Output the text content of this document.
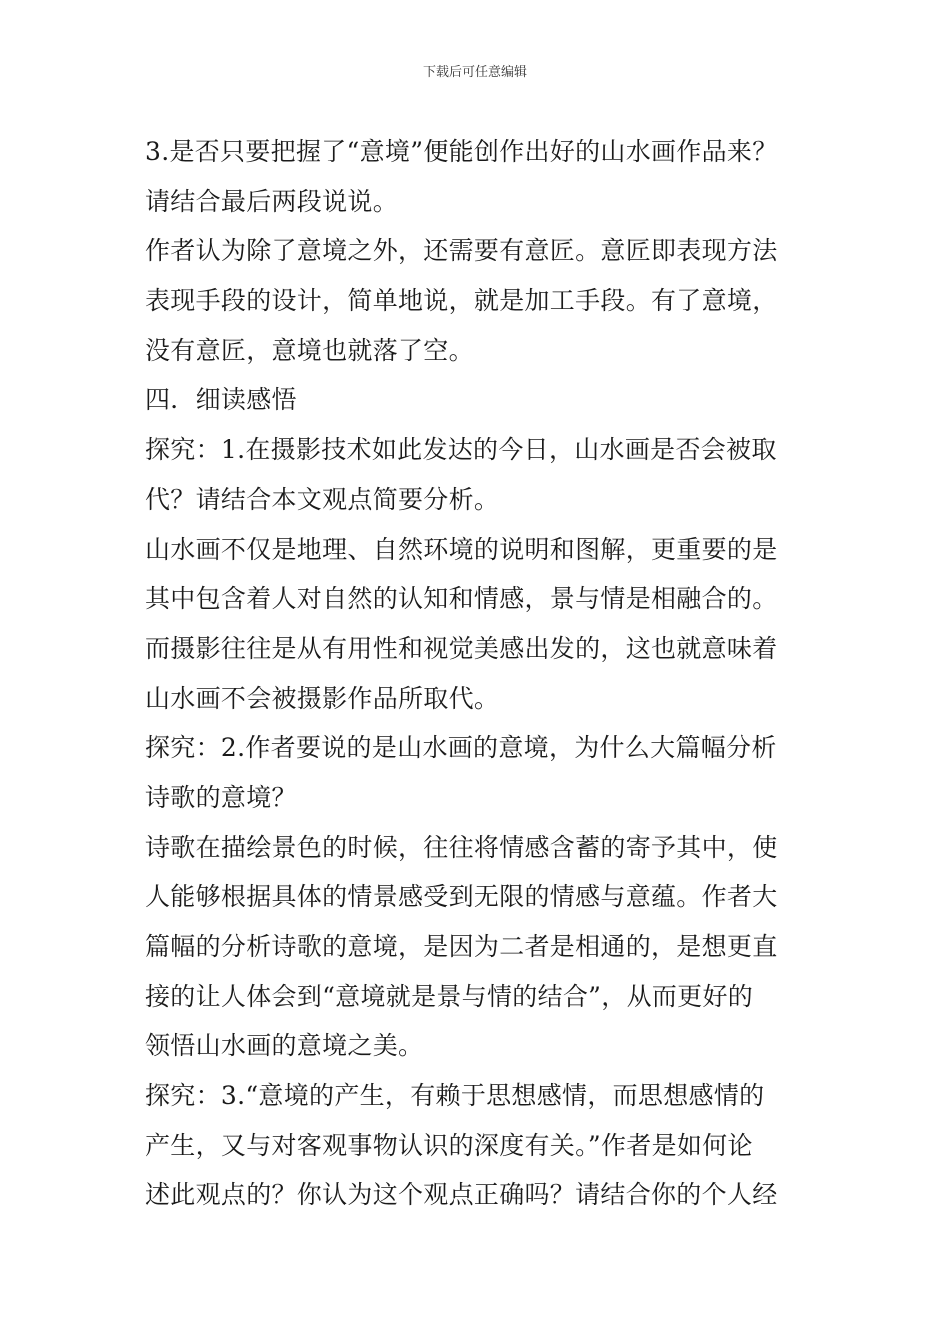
下载后可任意编辑
3.是否只要把握了“意境”便能创作出好的山水画作品来？
请结合最后两段说说。
作者认为除了意境之外，还需要有意匠。意匠即表现方法
表现手段的设计，简单地说，就是加工手段。有了意境，
没有意匠，意境也就落了空。
四．细读感悟
探究：1.在摄影技术如此发达的今日，山水画是否会被取
代？请结合本文观点简要分析。
山水画不仅是地理、自然环境的说明和图解，更重要的是
其中包含着人对自然的认知和情感，景与情是相融合的。
而摄影往往是从有用性和视觉美感出发的，这也就意味着
山水画不会被摄影作品所取代。
探究：2.作者要说的是山水画的意境，为什么大篇幅分析
诗歌的意境？
诗歌在描绘景色的时候，往往将情感含蓄的寄予其中，使
人能够根据具体的情景感受到无限的情感与意蕴。作者大
篇幅的分析诗歌的意境，是因为二者是相通的，是想更直
接的让人体会到“意境就是景与情的结合”，从而更好的
领悟山水画的意境之美。
探究：3.“意境的产生，有赖于思想感情，而思想感情的
产生，又与对客观事物认识的深度有关。”作者是如何论
述此观点的？你认为这个观点正确吗？请结合你的个人经
